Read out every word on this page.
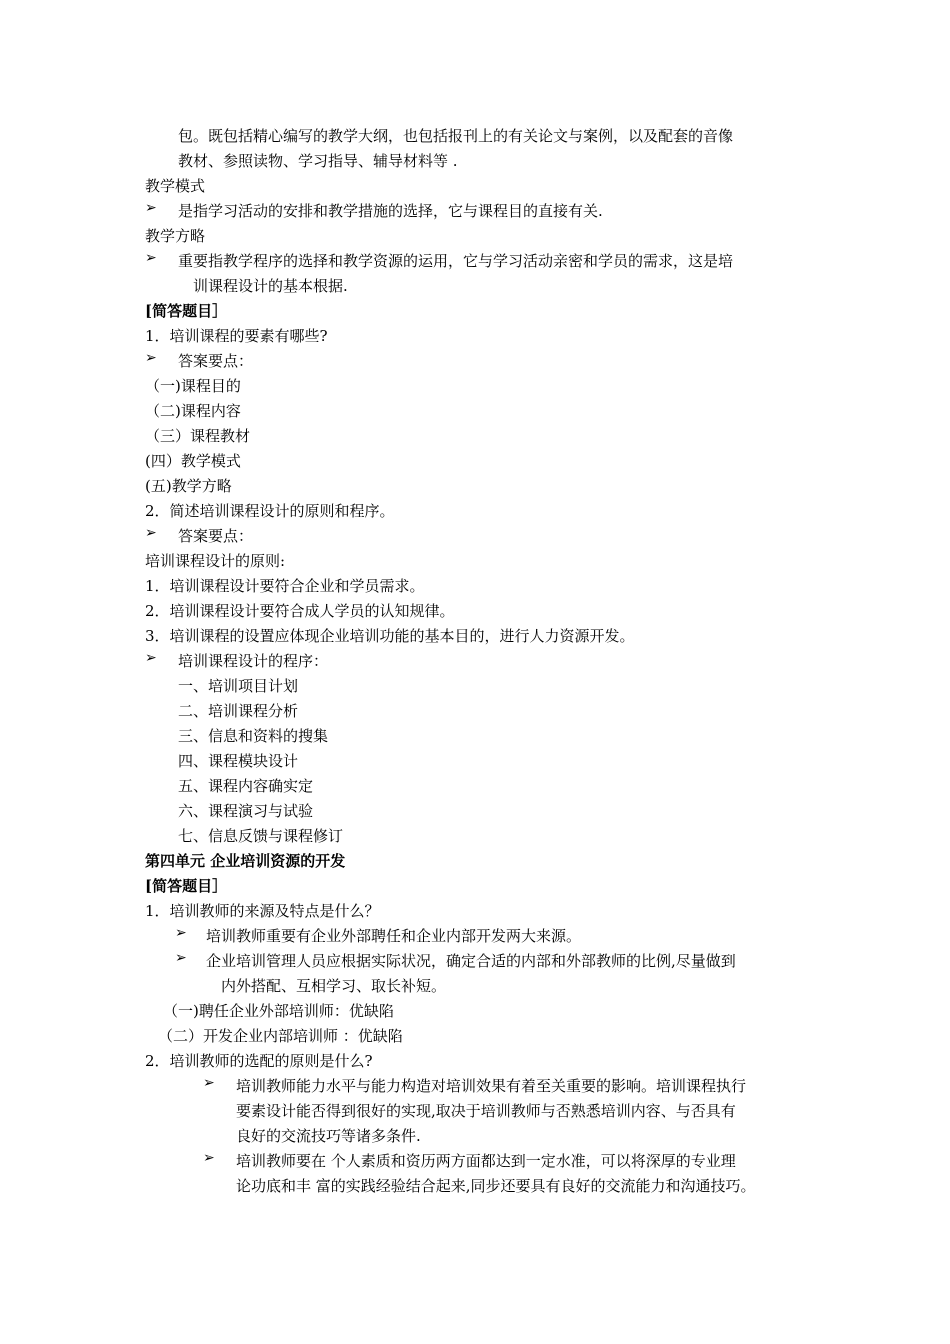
包。既包括精心编写的教学大纲，也包括报刊上的有关论文与案例，以及配套的音像
教材、参照读物、学习指导、辅导材料等 .
教学模式
➢ 是指学习活动的安排和教学措施的选择，它与课程目的直接有关.
教学方略
➢ 重要指教学程序的选择和教学资源的运用，它与学习活动亲密和学员的需求，这是培
训课程设计的基本根据.
[简答题目］
1．培训课程的要素有哪些?
➢ 答案要点：
（一)课程目的
（二)课程内容
（三）课程教材
(四）教学模式
(五)教学方略
2．简述培训课程设计的原则和程序。
➢ 答案要点：
培训课程设计的原则:
1．培训课程设计要符合企业和学员需求。
2．培训课程设计要符合成人学员的认知规律。
3．培训课程的设置应体现企业培训功能的基本目的，进行人力资源开发。
➢ 培训课程设计的程序：
一、培训项目计划
二、培训课程分析
三、信息和资料的搜集
四、课程模块设计
五、课程内容确实定
六、课程演习与试验
七、信息反馈与课程修订
第四单元 企业培训资源的开发
[简答题目］
1．培训教师的来源及特点是什么？
➢ 培训教师重要有企业外部聘任和企业内部开发两大来源。
➢ 企业培训管理人员应根据实际状况，确定合适的内部和外部教师的比例,尽量做到
内外搭配、互相学习、取长补短。
（一)聘任企业外部培训师：优缺陷
（二）开发企业内部培训师 ：优缺陷
2．培训教师的选配的原则是什么?
➢ 培训教师能力水平与能力构造对培训效果有着至关重要的影响。培训课程执行
要素设计能否得到很好的实现,取决于培训教师与否熟悉培训内容、与否具有
良好的交流技巧等诸多条件.
➢ 培训教师要在 个人素质和资历两方面都达到一定水准，可以将深厚的专业理
论功底和丰 富的实践经验结合起来,同步还要具有良好的交流能力和沟通技巧。
